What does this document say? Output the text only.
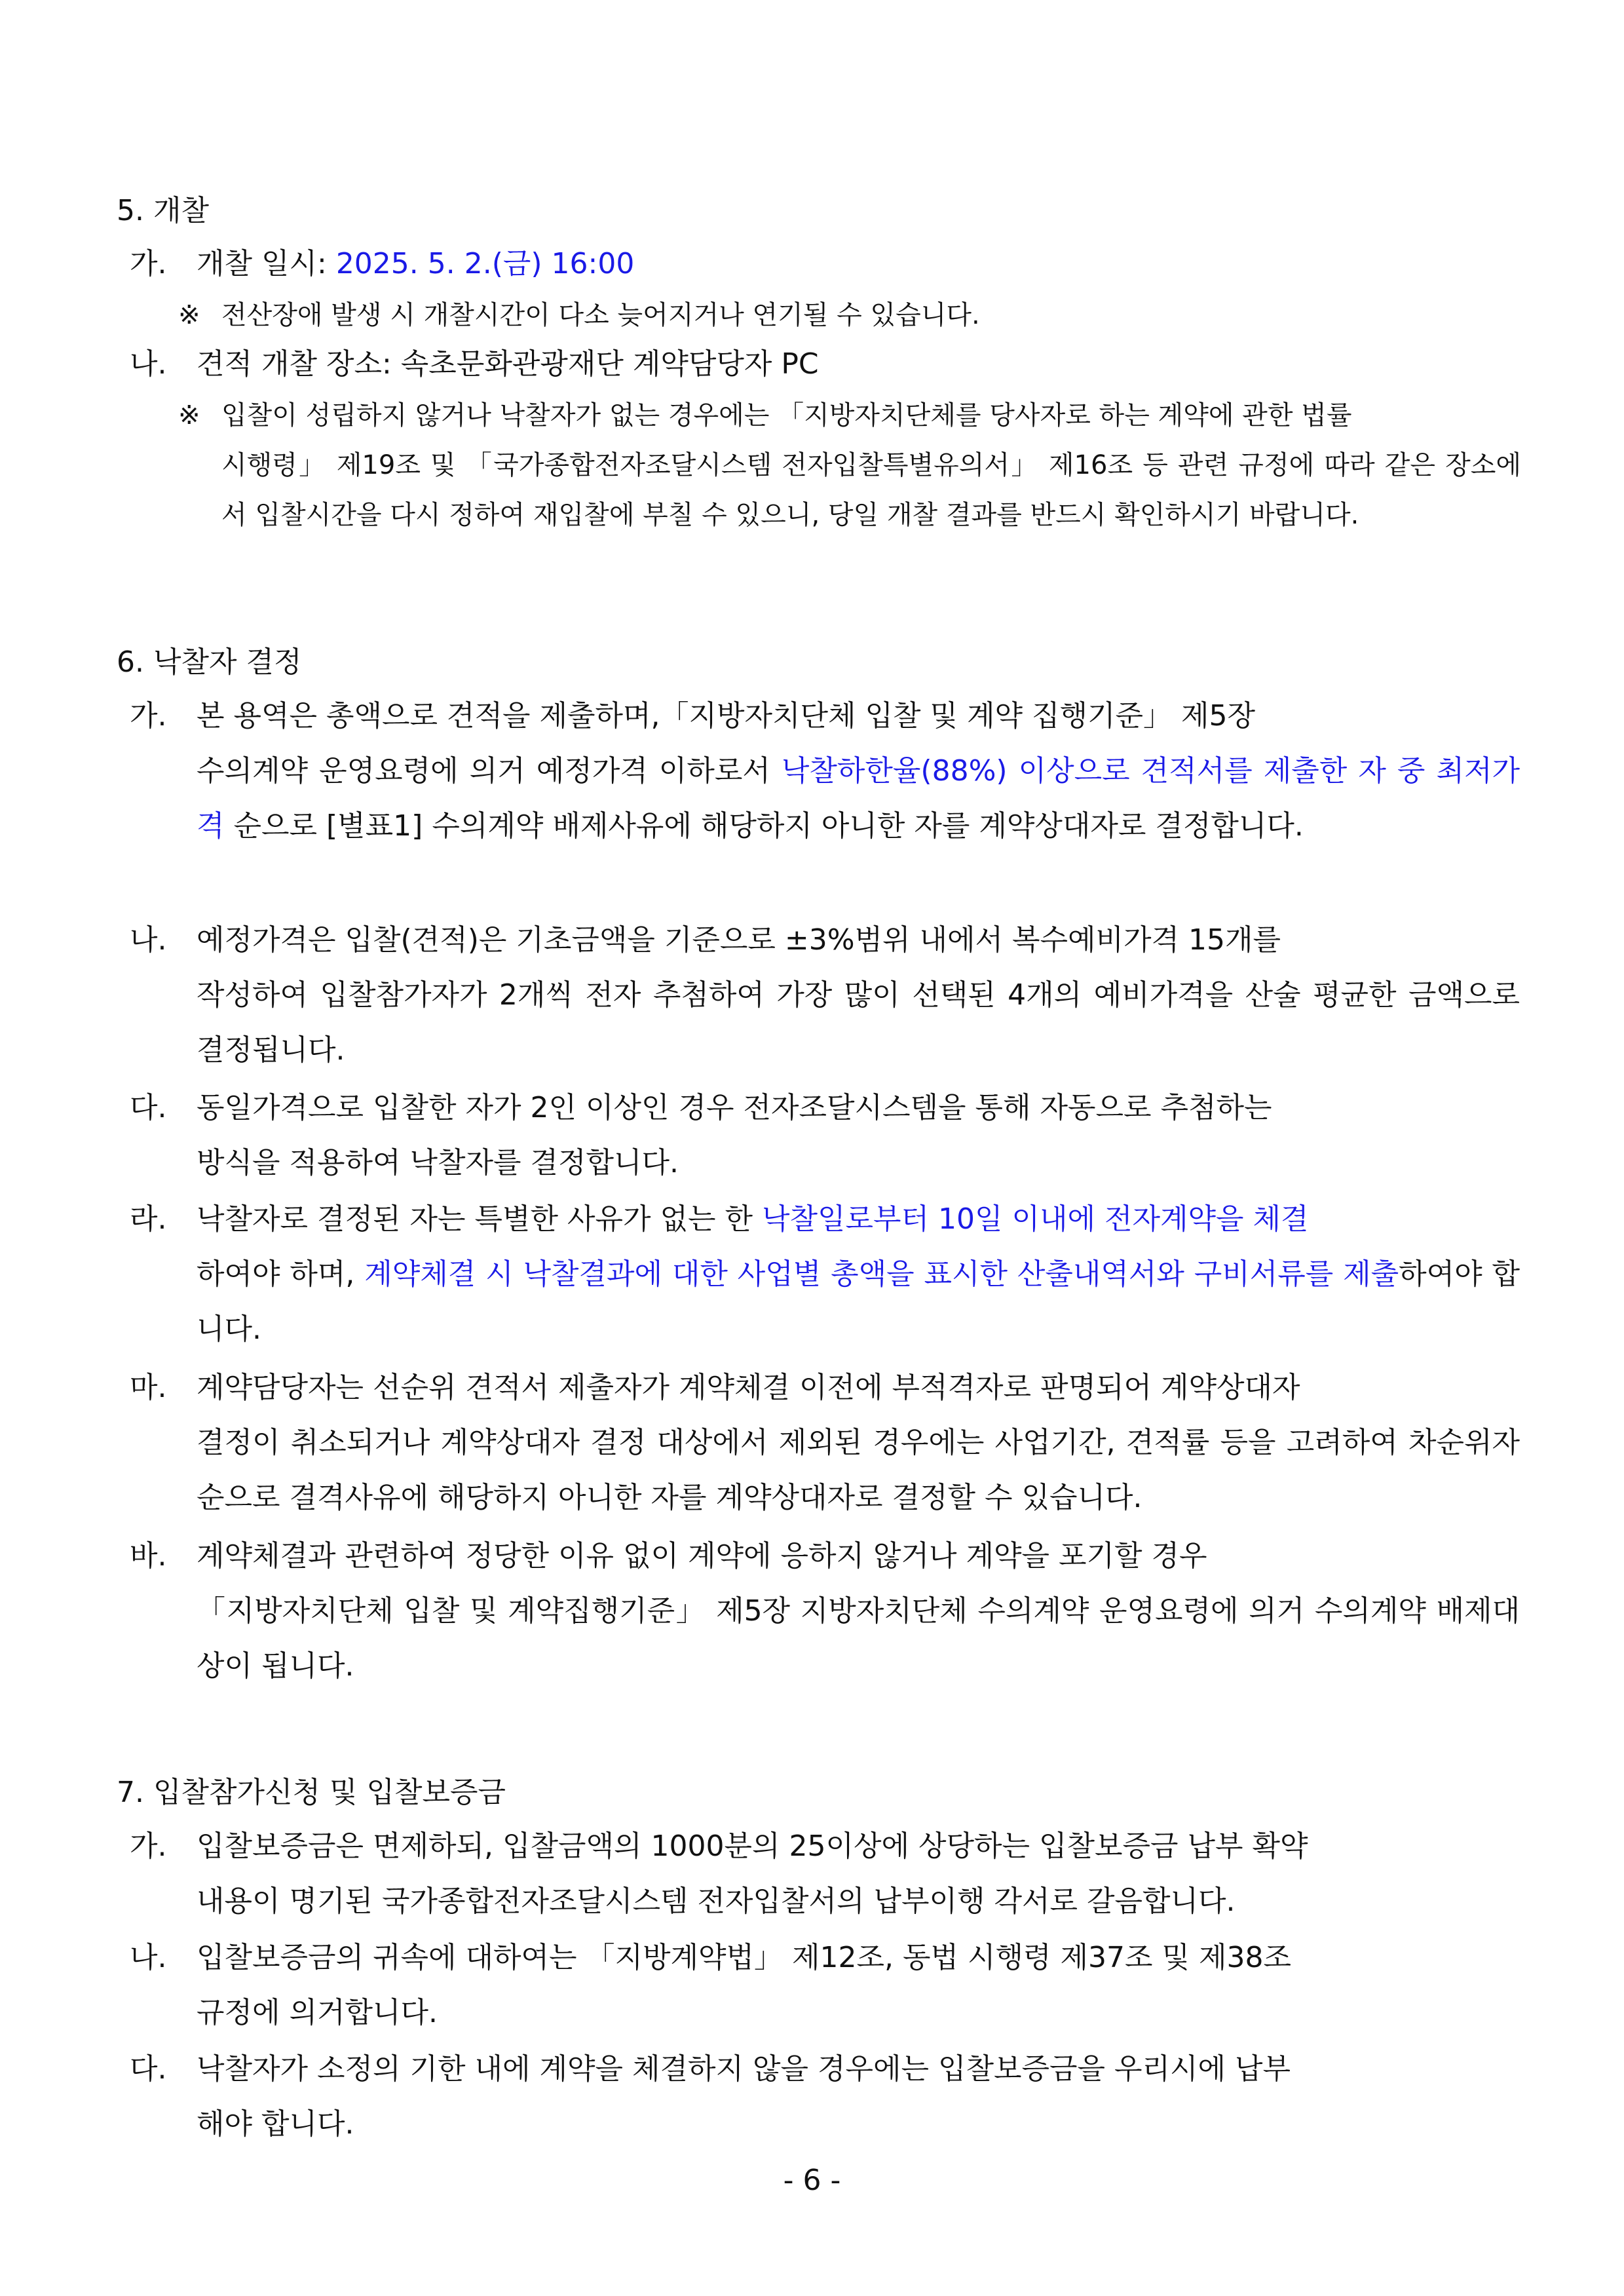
5. 개찰

가. 개찰 일시: 2025. 5. 2.(금) 16:00

※ 전산장애 발생 시 개찰시간이 다소 늦어지거나 연기될 수 있습니다.

나. 견적 개찰 장소: 속초문화관광재단 계약담당자 PC

※ 입찰이 성립하지 않거나 낙찰자가 없는 경우에는 「지방자치단체를 당사자로 하는 계약에 관한 법률
시행령」 제19조 및 「국가종합전자조달시스템 전자입찰특별유의서」 제16조 등 관련 규정에 따라 같은 장소에서 입찰시간을 다시 정하여 재입찰에 부칠 수 있으니, 당일 개찰 결과를 반드시 확인하시기 바랍니다.

6. 낙찰자 결정

가. 본 용역은 총액으로 견적을 제출하며,「지방자치단체 입찰 및 계약 집행기준」 제5장
수의계약 운영요령에 의거 예정가격 이하로서 낙찰하한율(88%) 이상으로 견적서를 제출한 자 중 최저가격 순으로 [별표1] 수의계약 배제사유에 해당하지 아니한 자를 계약상대자로 결정합니다.

나. 예정가격은 입찰(견적)은 기초금액을 기준으로 ±3%범위 내에서 복수예비가격 15개를
작성하여 입찰참가자가 2개씩 전자 추첨하여 가장 많이 선택된 4개의 예비가격을 산술 평균한 금액으로 결정됩니다.

다. 동일가격으로 입찰한 자가 2인 이상인 경우 전자조달시스템을 통해 자동으로 추첨하는
방식을 적용하여 낙찰자를 결정합니다.

라. 낙찰자로 결정된 자는 특별한 사유가 없는 한 낙찰일로부터 10일 이내에 전자계약을 체결
하여야 하며, 계약체결 시 낙찰결과에 대한 사업별 총액을 표시한 산출내역서와 구비서류를 제출하여야 합니다.

마. 계약담당자는 선순위 견적서 제출자가 계약체결 이전에 부적격자로 판명되어 계약상대자
결정이 취소되거나 계약상대자 결정 대상에서 제외된 경우에는 사업기간, 견적률 등을 고려하여 차순위자 순으로 결격사유에 해당하지 아니한 자를 계약상대자로 결정할 수 있습니다.

바. 계약체결과 관련하여 정당한 이유 없이 계약에 응하지 않거나 계약을 포기할 경우
「지방자치단체 입찰 및 계약집행기준」 제5장 지방자치단체 수의계약 운영요령에 의거 수의계약 배제대상이 됩니다.

7. 입찰참가신청 및 입찰보증금

가. 입찰보증금은 면제하되, 입찰금액의 1000분의 25이상에 상당하는 입찰보증금 납부 확약
내용이 명기된 국가종합전자조달시스템 전자입찰서의 납부이행 각서로 갈음합니다.

나. 입찰보증금의 귀속에 대하여는 「지방계약법」 제12조, 동법 시행령 제37조 및 제38조
규정에 의거합니다.

다. 낙찰자가 소정의 기한 내에 계약을 체결하지 않을 경우에는 입찰보증금을 우리시에 납부
해야 합니다.

- 6 -
